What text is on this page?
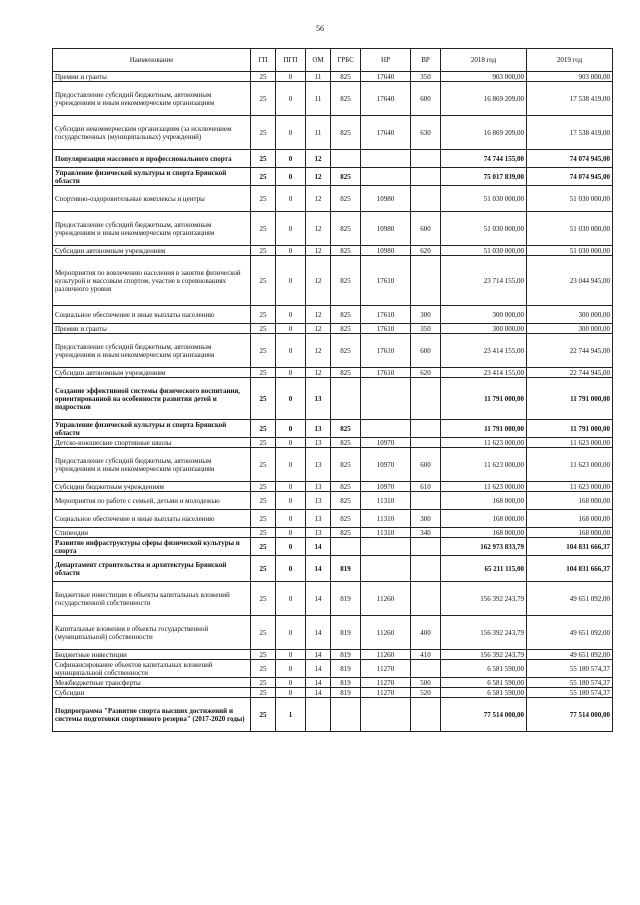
56
Наименование	ГП	ПГП	ОМ	ГРБС	НР	ВР	2018 год	2019 год
Премии и гранты	25	0	11	825	17640	350	903 000,00	903 000,00
Предоставление субсидий бюджетным, автономным учреждениям и иным некоммерческим организациям	25	0	11	825	17640	600	16 869 209,00	17 538 419,00
Субсидии некоммерческим организациям (за исключением государственных (муниципальных) учреждений)	25	0	11	825	17640	630	16 869 209,00	17 538 419,00
Популяризация массового и профессионального спорта	25	0	12				74 744 155,00	74 074 945,00
Управление физической культуры и спорта Брянской области	25	0	12	825			75 017 839,00	74 074 945,00
Спортивно-оздоровительные комплексы и центры	25	0	12	825	10980		51 030 000,00	51 030 000,00
Предоставление субсидий бюджетным, автономным учреждениям и иным некоммерческим организациям	25	0	12	825	10980	600	51 030 000,00	51 030 000,00
Субсидии автономным учреждениям	25	0	12	825	10980	620	51 030 000,00	51 030 000,00
Мероприятия по вовлечению населения в занятия физической культурой и массовым спортом, участие в соревнованиях различного уровня	25	0	12	825	17610		23 714 155,00	23 044 945,00
Социальное обеспечение и иные выплаты населению	25	0	12	825	17610	300	300 000,00	300 000,00
Премии и гранты	25	0	12	825	17610	350	300 000,00	300 000,00
Предоставление субсидий бюджетным, автономным учреждениям и иным некоммерческим организациям	25	0	12	825	17610	600	23 414 155,00	22 744 945,00
Субсидии автономным учреждениям	25	0	12	825	17610	620	23 414 155,00	22 744 945,00
Создание эффективной системы физического воспитания, ориентированной на особенности развития детей и подростков	25	0	13				11 791 000,00	11 791 000,00
Управление физической культуры и спорта Брянской области	25	0	13	825			11 791 000,00	11 791 000,00
Детско-юношеские спортивные школы	25	0	13	825	10970		11 623 000,00	11 623 000,00
Предоставление субсидий бюджетным, автономным учреждениям и иным некоммерческим организациям	25	0	13	825	10970	600	11 623 000,00	11 623 000,00
Субсидии бюджетным учреждениям	25	0	13	825	10970	610	11 623 000,00	11 623 000,00
Мероприятия по работе с семьей, детьми и молодежью	25	0	13	825	11310		168 000,00	168 000,00
Социальное обеспечение и иные выплаты населению	25	0	13	825	11310	300	168 000,00	168 000,00
Стипендии	25	0	13	825	11310	340	168 000,00	168 000,00
Развитие инфраструктуры сферы физической культуры и спорта	25	0	14				162 973 833,79	104 831 666,37
Департамент строительства и архитектуры Брянской области	25	0	14	819			65 211 115,00	104 831 666,37
Бюджетные инвестиции в объекты капитальных вложений государственной собственности	25	0	14	819	11260		156 392 243,79	49 651 092,00
Капитальные вложения в объекты государственной (муниципальной) собственности	25	0	14	819	11260	400	156 392 243,79	49 651 092,00
Бюджетные инвестиции	25	0	14	819	11260	410	156 392 243,79	49 651 092,00
Софинансирование объектов капитальных вложений муниципальной собственности	25	0	14	819	11270		6 581 590,00	55 180 574,37
Межбюджетные трансферты	25	0	14	819	11270	500	6 581 590,00	55 180 574,37
Субсидии	25	0	14	819	11270	520	6 581 590,00	55 180 574,37
Подпрограмма "Развитие спорта высших достижений и системы подготовки спортивного резерва" (2017-2020 годы)	25	1					77 514 000,00	77 514 000,00
